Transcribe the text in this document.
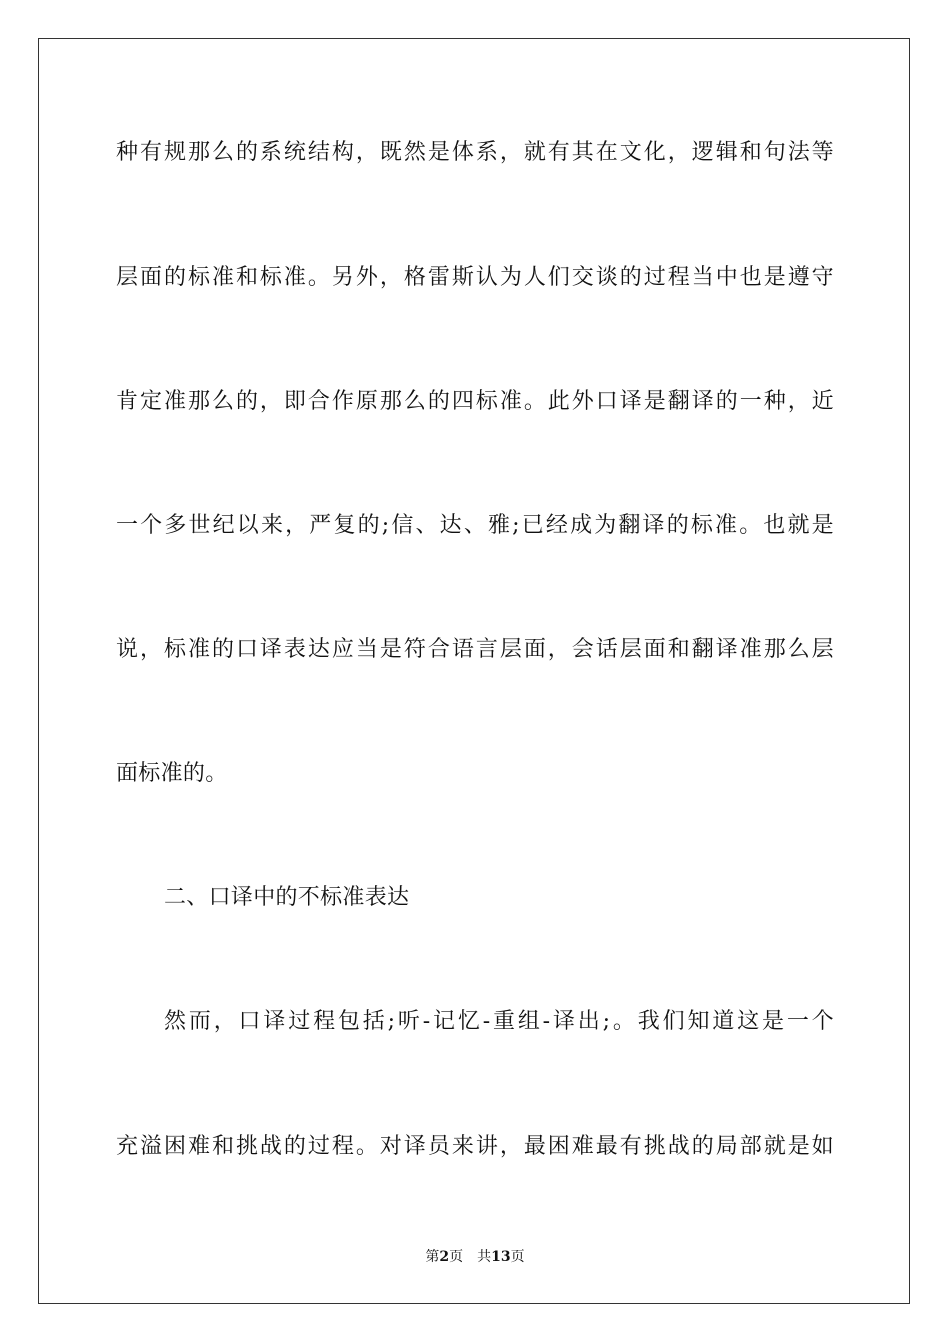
种有规那么的系统结构，既然是体系，就有其在文化，逻辑和句法等
层面的标准和标准。另外，格雷斯认为人们交谈的过程当中也是遵守
肯定准那么的，即合作原那么的四标准。此外口译是翻译的一种，近
一个多世纪以来，严复的;信、达、雅;已经成为翻译的标准。也就是
说，标准的口译表达应当是符合语言层面，会话层面和翻译准那么层
面标准的。
二、口译中的不标准表达
然而，口译过程包括;听-记忆-重组-译出;。我们知道这是一个
充溢困难和挑战的过程。对译员来讲，最困难最有挑战的局部就是如
第2页 共13页
